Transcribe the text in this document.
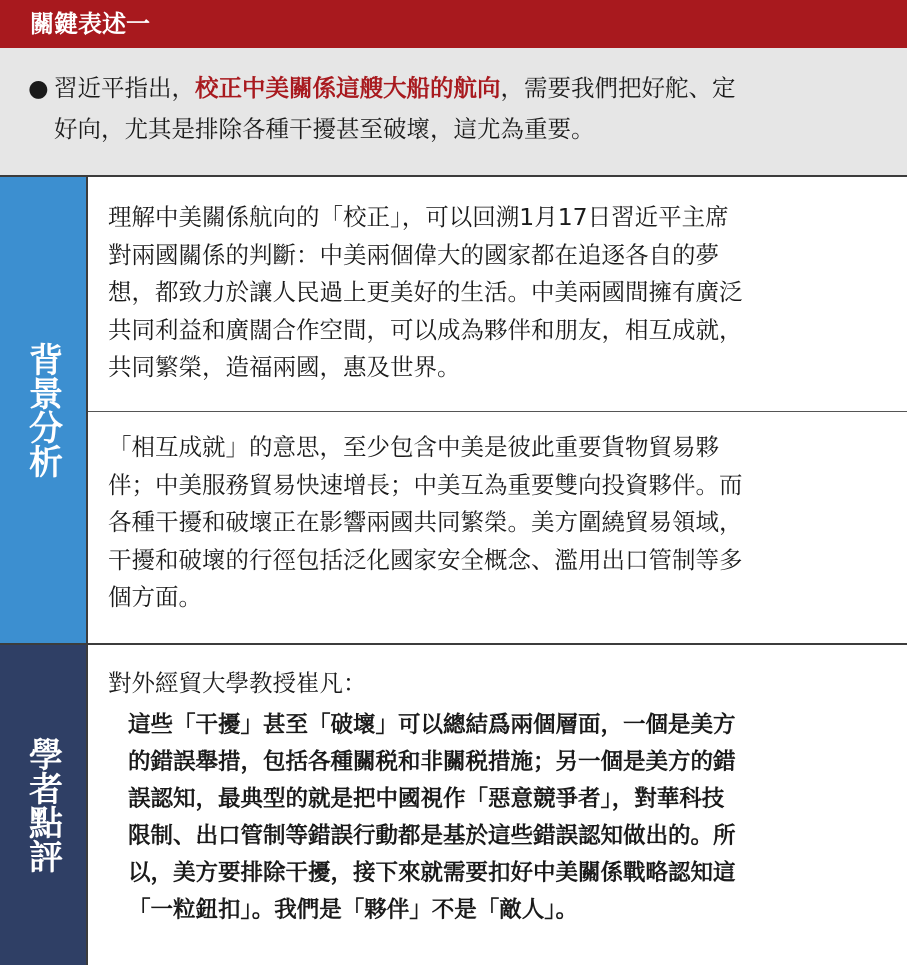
關鍵表述一
● 習近平指出，校正中美關係這艘大船的航向，需要我們把好舵、定
好向，尤其是排除各種干擾甚至破壞，這尤為重要。
背景分析
理解中美關係航向的「校正」，可以回溯1月17日習近平主席
對兩國關係的判斷：中美兩個偉大的國家都在追逐各自的夢
想，都致力於讓人民過上更美好的生活。中美兩國間擁有廣泛
共同利益和廣闊合作空間，可以成為夥伴和朋友，相互成就，
共同繁榮，造福兩國，惠及世界。
「相互成就」的意思，至少包含中美是彼此重要貨物貿易夥
伴；中美服務貿易快速增長；中美互為重要雙向投資夥伴。而
各種干擾和破壞正在影響兩國共同繁榮。美方圍繞貿易領域，
干擾和破壞的行徑包括泛化國家安全概念、濫用出口管制等多
個方面。
學者點評
對外經貿大學教授崔凡：
這些「干擾」甚至「破壞」可以總結爲兩個層面，一個是美方
的錯誤舉措，包括各種關税和非關税措施；另一個是美方的錯
誤認知，最典型的就是把中國視作「惡意競爭者」，對華科技
限制、出口管制等錯誤行動都是基於這些錯誤認知做出的。所
以，美方要排除干擾，接下來就需要扣好中美關係戰略認知這
「一粒鈕扣」。我們是「夥伴」不是「敵人」。
